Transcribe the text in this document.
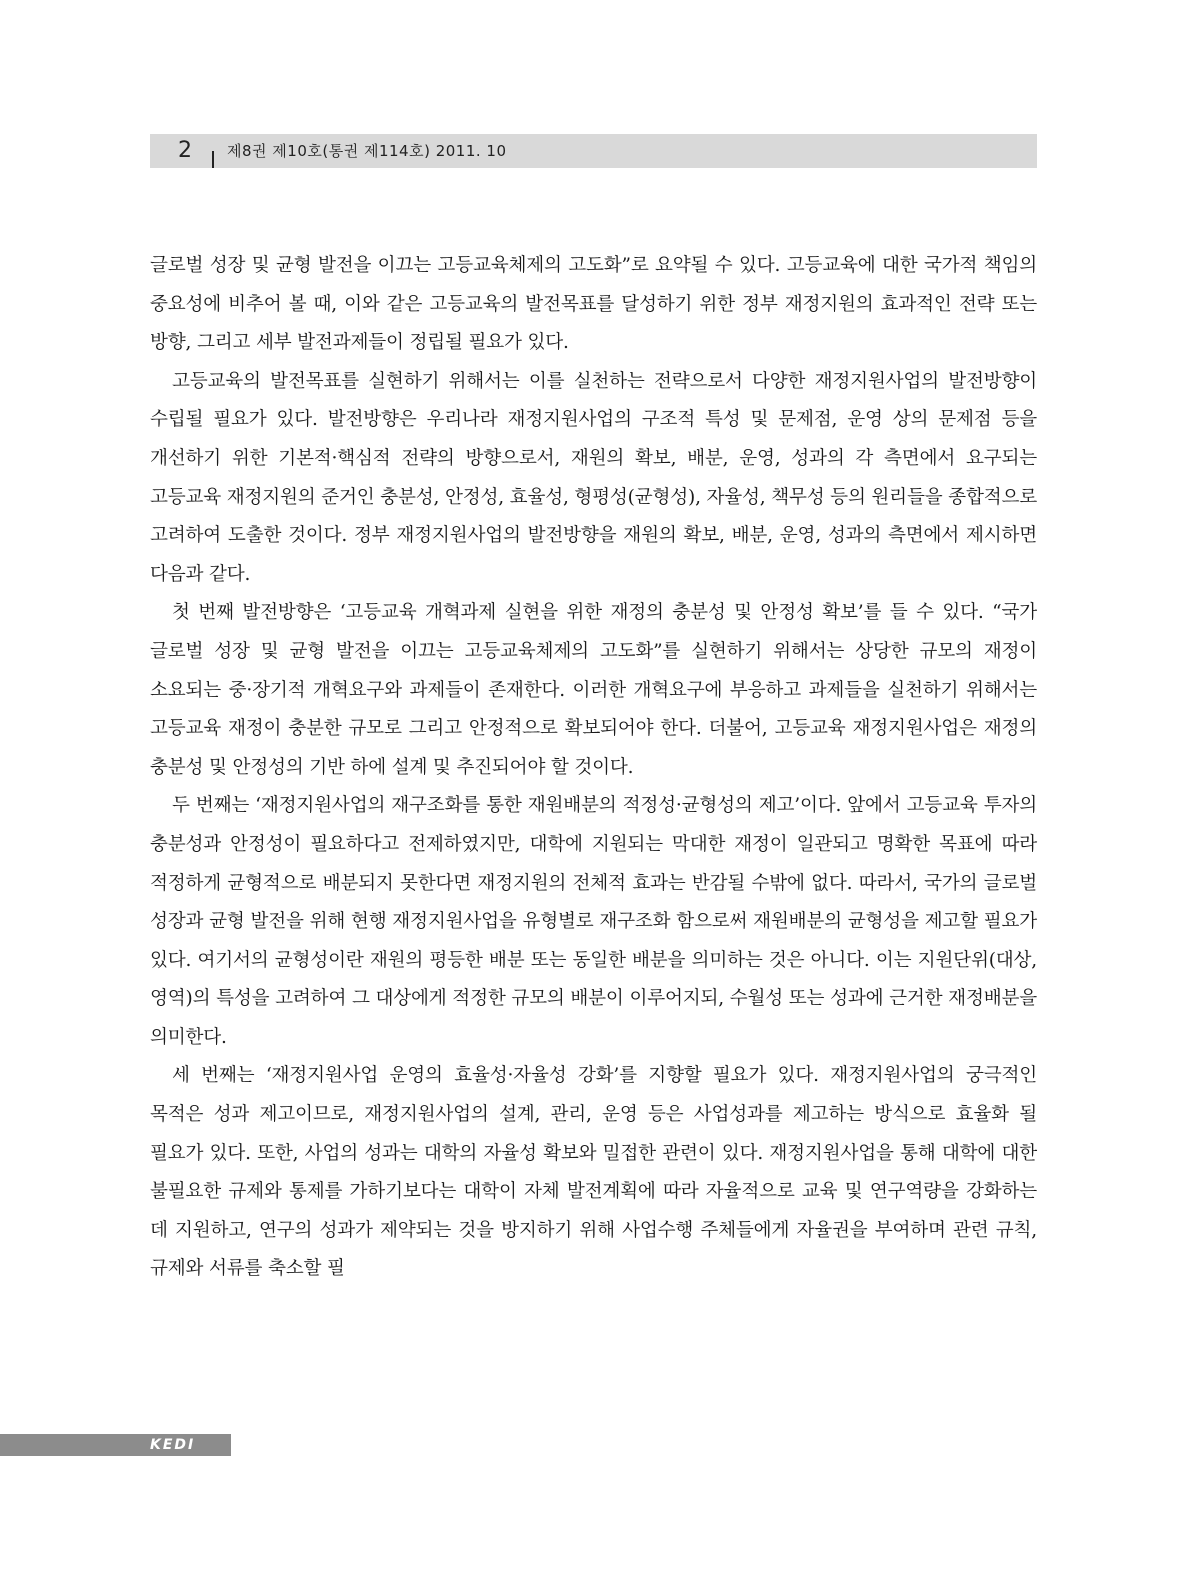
2 제8권 제10호(통권 제114호) 2011. 10

글로벌 성장 및 균형 발전을 이끄는 고등교육체제의 고도화”로 요약될 수 있다. 고등교육에 대한 국가적 책임의 중요성에 비추어 볼 때, 이와 같은 고등교육의 발전목표를 달성하기 위한 정부 재정지원의 효과적인 전략 또는 방향, 그리고 세부 발전과제들이 정립될 필요가 있다.

고등교육의 발전목표를 실현하기 위해서는 이를 실천하는 전략으로서 다양한 재정지원사업의 발전방향이 수립될 필요가 있다. 발전방향은 우리나라 재정지원사업의 구조적 특성 및 문제점, 운영 상의 문제점 등을 개선하기 위한 기본적·핵심적 전략의 방향으로서, 재원의 확보, 배분, 운영, 성과의 각 측면에서 요구되는 고등교육 재정지원의 준거인 충분성, 안정성, 효율성, 형평성(균형성), 자율성, 책무성 등의 원리들을 종합적으로 고려하여 도출한 것이다. 정부 재정지원사업의 발전방향을 재원의 확보, 배분, 운영, 성과의 측면에서 제시하면 다음과 같다.

첫 번째 발전방향은 ‘고등교육 개혁과제 실현을 위한 재정의 충분성 및 안정성 확보’를 들 수 있다. “국가 글로벌 성장 및 균형 발전을 이끄는 고등교육체제의 고도화”를 실현하기 위해서는 상당한 규모의 재정이 소요되는 중·장기적 개혁요구와 과제들이 존재한다. 이러한 개혁요구에 부응하고 과제들을 실천하기 위해서는 고등교육 재정이 충분한 규모로 그리고 안정적으로 확보되어야 한다. 더불어, 고등교육 재정지원사업은 재정의 충분성 및 안정성의 기반 하에 설계 및 추진되어야 할 것이다.

두 번째는 ‘재정지원사업의 재구조화를 통한 재원배분의 적정성·균형성의 제고’이다. 앞에서 고등교육 투자의 충분성과 안정성이 필요하다고 전제하였지만, 대학에 지원되는 막대한 재정이 일관되고 명확한 목표에 따라 적정하게 균형적으로 배분되지 못한다면 재정지원의 전체적 효과는 반감될 수밖에 없다. 따라서, 국가의 글로벌 성장과 균형 발전을 위해 현행 재정지원사업을 유형별로 재구조화 함으로써 재원배분의 균형성을 제고할 필요가 있다. 여기서의 균형성이란 재원의 평등한 배분 또는 동일한 배분을 의미하는 것은 아니다. 이는 지원단위(대상, 영역)의 특성을 고려하여 그 대상에게 적정한 규모의 배분이 이루어지되, 수월성 또는 성과에 근거한 재정배분을 의미한다.

세 번째는 ‘재정지원사업 운영의 효율성·자율성 강화’를 지향할 필요가 있다. 재정지원사업의 궁극적인 목적은 성과 제고이므로, 재정지원사업의 설계, 관리, 운영 등은 사업성과를 제고하는 방식으로 효율화 될 필요가 있다. 또한, 사업의 성과는 대학의 자율성 확보와 밀접한 관련이 있다. 재정지원사업을 통해 대학에 대한 불필요한 규제와 통제를 가하기보다는 대학이 자체 발전계획에 따라 자율적으로 교육 및 연구역량을 강화하는 데 지원하고, 연구의 성과가 제약되는 것을 방지하기 위해 사업수행 주체들에게 자율권을 부여하며 관련 규칙, 규제와 서류를 축소할 필

KEDI
